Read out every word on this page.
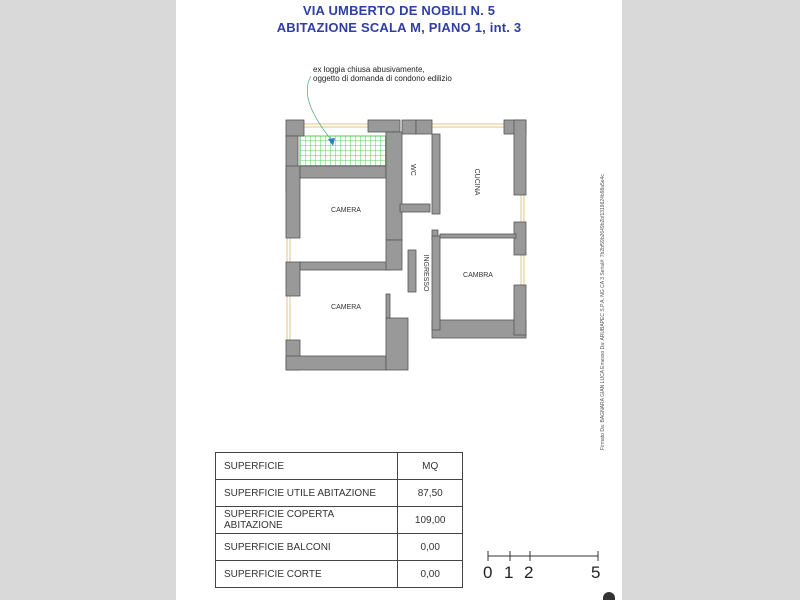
VIA UMBERTO DE NOBILI N. 5
ABITAZIONE SCALA M, PIANO 1, int. 3
ex loggia chiusa abusivamente,
oggetto di domanda di condono edilizio
CAMERA
CAMERA
CAMBRA
WC	CUCINA
INGRESSO
0 1 2	5
SUPERFICIE	MQ
SUPERFICIE UTILE ABITAZIONE	87,50
SUPERFICIE COPERTA ABITAZIONE	109,00
SUPERFICIE BALCONI	0,00
SUPERFICIE CORTE	0,00
Firmato Da: BAGNARA GIAN LUCA Emesso Da: ARUBAPEC S.P.A. NG CA 3 Serial#: 7b2bf59b2649b2bf1319624b98a5e4c
